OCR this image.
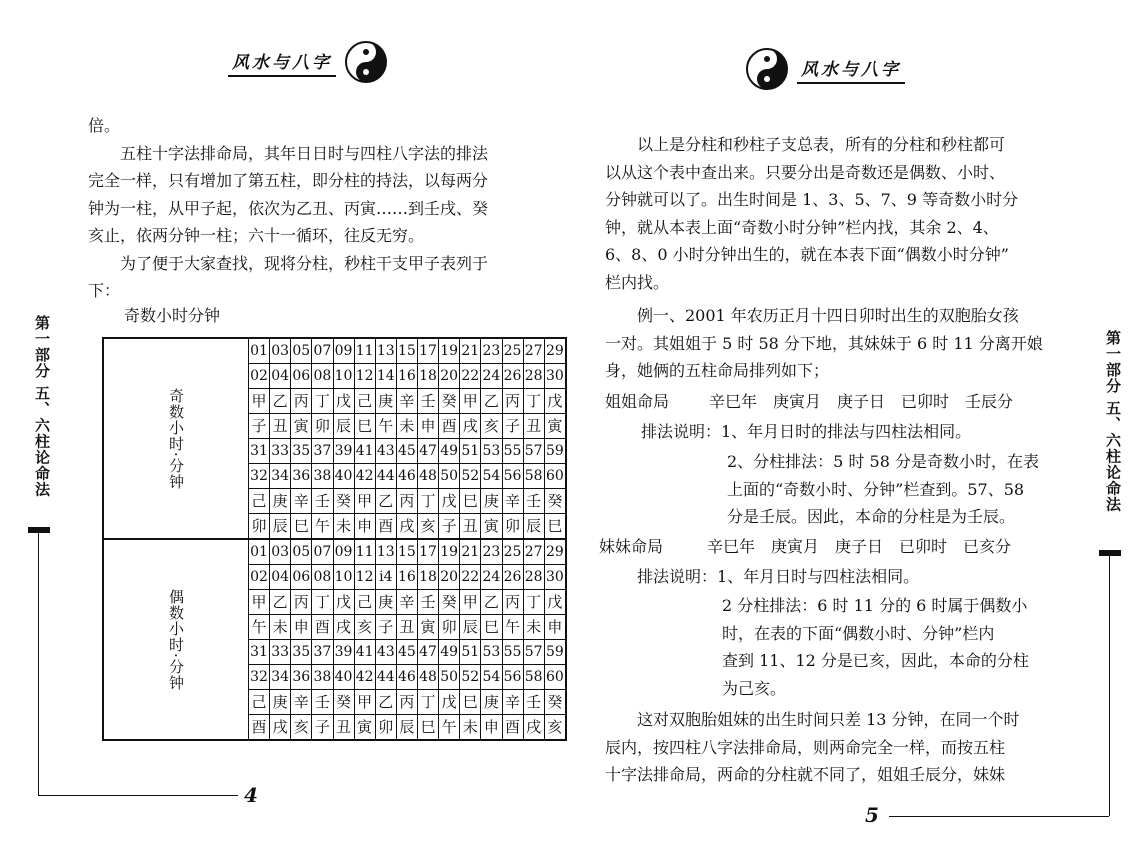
风水与八字
倍。
五柱十字法排命局，其年日日时与四柱八字法的排法
完全一样，只有增加了第五柱，即分柱的持法，以每两分
钟为一柱，从甲子起，依次为乙丑、丙寅……到壬戌、癸
亥止，依两分钟一柱；六十一循环，往反无穷。
为了便于大家查找，现将分柱，秒柱干支甲子表列于
下：
奇数小时分钟
奇数小时·分钟	01	03	05	07	09	11	13	15	17	19	21	23	25	27	29
	02	04	06	08	10	12	14	16	18	20	22	24	26	28	30
	甲	乙	丙	丁	戊	己	庚	辛	壬	癸	甲	乙	丙	丁	戊
	子	丑	寅	卯	辰	巳	午	未	申	酉	戌	亥	子	丑	寅
	31	33	35	37	39	41	43	45	47	49	51	53	55	57	59
	32	34	36	38	40	42	44	46	48	50	52	54	56	58	60
	己	庚	辛	壬	癸	甲	乙	丙	丁	戊	巳	庚	辛	壬	癸
	卯	辰	巳	午	未	申	酉	戌	亥	子	丑	寅	卯	辰	巳
偶数小时·分钟	01	03	05	07	09	11	13	15	17	19	21	23	25	27	29
	02	04	06	08	10	12	i4	16	18	20	22	24	26	28	30
	甲	乙	丙	丁	戊	己	庚	辛	壬	癸	甲	乙	丙	丁	戊
	午	未	申	酉	戌	亥	子	丑	寅	卯	辰	巳	午	未	申
	31	33	35	37	39	41	43	45	47	49	51	53	55	57	59
	32	34	36	38	40	42	44	46	48	50	52	54	56	58	60
	己	庚	辛	壬	癸	甲	乙	丙	丁	戊	巳	庚	辛	壬	癸
	酉	戌	亥	子	丑	寅	卯	辰	巳	午	未	申	酉	戌	亥
第一部分 五、六柱论命法
4
风水与八字
以上是分柱和秒柱子支总表，所有的分柱和秒柱都可
以从这个表中查出来。只要分出是奇数还是偶数、小时、
分钟就可以了。出生时间是 1、3、5、7、9 等奇数小时分
钟，就从本表上面“奇数小时分钟”栏内找，其余 2、4、
6、8、0 小时分钟出生的，就在本表下面“偶数小时分钟”
栏内找。
例一、2001 年农历正月十四日卯时出生的双胞胎女孩
一对。其姐姐于 5 时 58 分下地，其妹妹于 6 时 11 分离开娘
身，她俩的五柱命局排列如下；
姐姐命局 辛巳年　庚寅月　庚子日　已卯时　壬辰分
排法说明： 1、年月日时的排法与四柱法相同。
2、分柱排法：5 时 58 分是奇数小时，在表
上面的“奇数小时、分钟”栏查到。57、58
分是壬辰。因此，本命的分柱是为壬辰。
妹妹命局	辛巳年　庚寅月　庚子日　已卯时　已亥分
排法说明： 1、年月日时与四柱法相同。
2 分柱排法：6 时 11 分的 6 时属于偶数小
时，在表的下面“偶数小时、分钟”栏内
查到 11、12 分是已亥，因此，本命的分柱
为己亥。
这对双胞胎姐妹的出生时间只差 13 分钟，在同一个时
辰内，按四柱八字法排命局，则两命完全一样，而按五柱
十字法排命局，两命的分柱就不同了，姐姐壬辰分，妹妹
第一部分 五、六柱论命法
5
